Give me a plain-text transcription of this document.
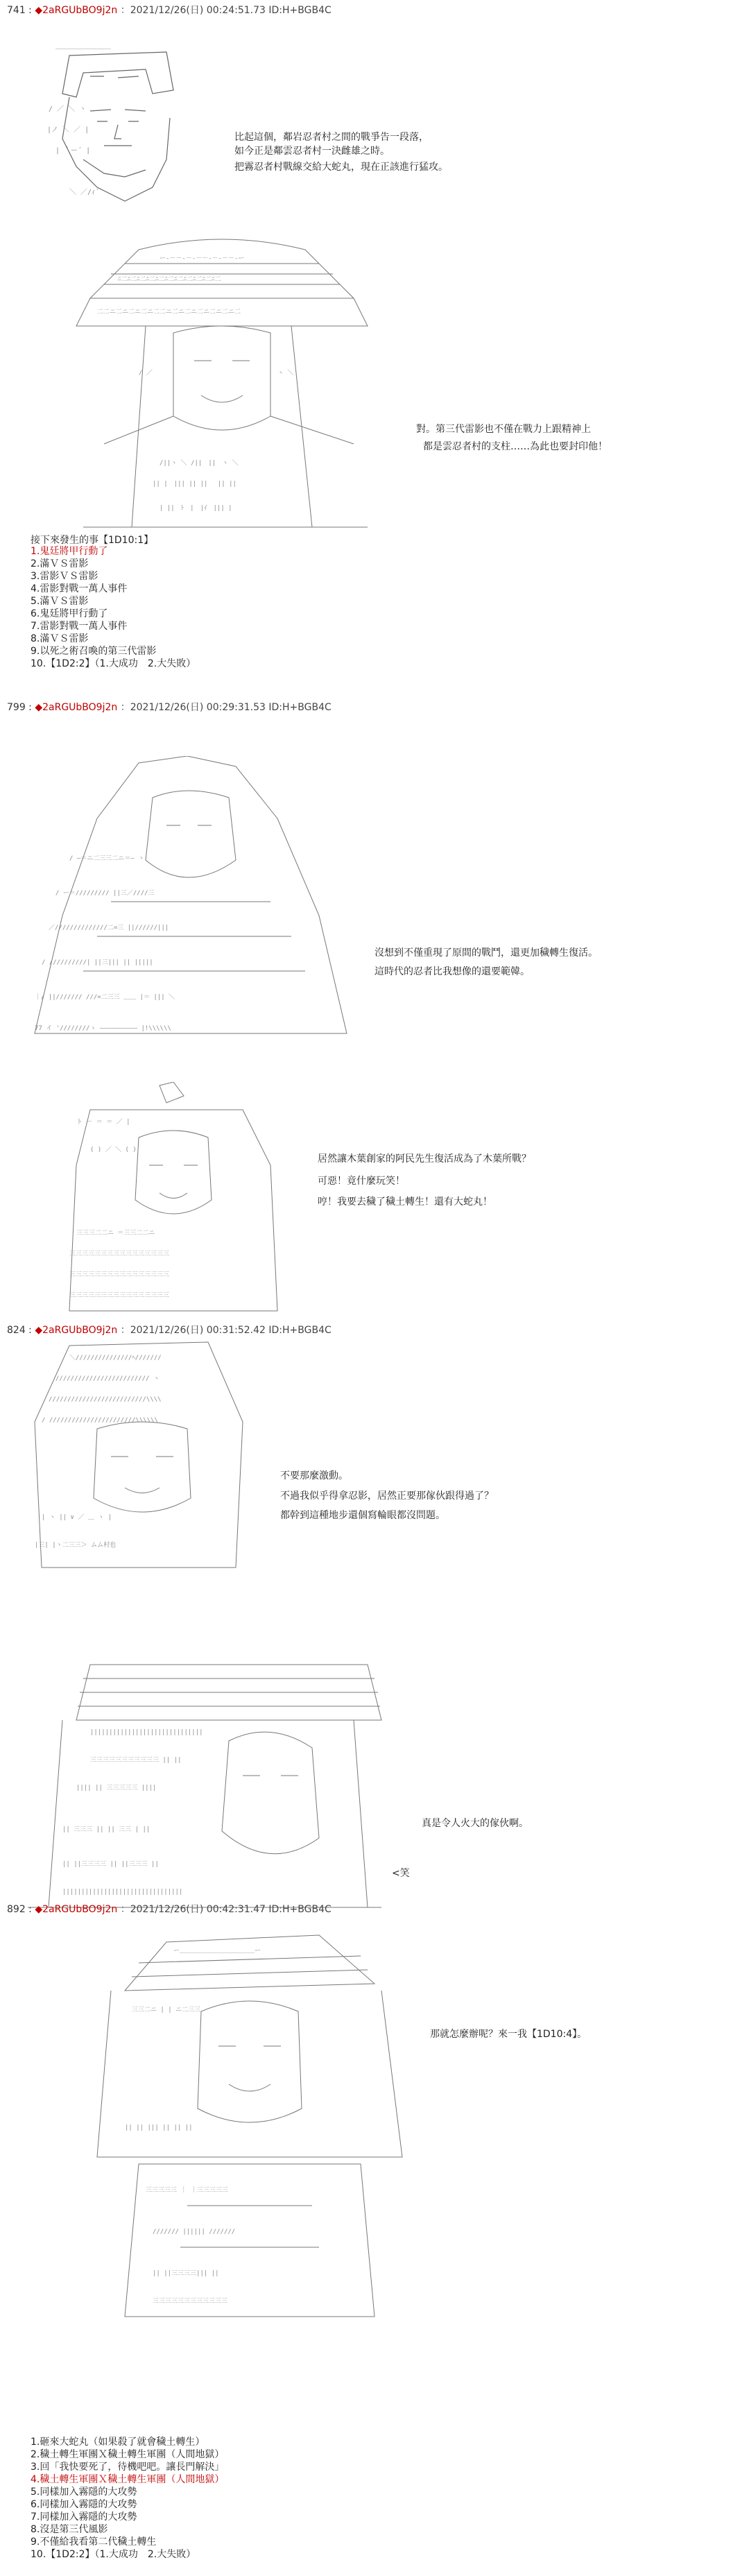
741 : ◆2aRGUbBO9j2n ：2021/12/26(日) 00:24:51.73 ID:H+BGB4C
＿＿＿＿＿＿＿＿
/ ／ ＼ ヽ
|ノ ＼ ／ |
| ｀ー´ |
＼ ／/ｨ´
比起這個，鄰岩忍者村之間的戰爭告一段落，
如今正是鄰雲忍者村一決雌雄之時。
把霧忍者村戰線交給大蛇丸，現在正該進行猛攻。
ー‐－－‐－‐－－‐－‐－－‐ー
ﾆ二ﾆ二ﾆ二ﾆ二ﾆ二ﾆ二ﾆ二ﾆ二ﾆ二ﾆ二ﾆ二
二二ニ二ニ二ニ二ニ二二ニ二ニ二ニ二ニ二ニ二ニ二
/ ／	ヽ ＼
/||ヽ ＼ /||　||　ヽ ＼
|| |　||| || ||　 || ||
| ||　ﾄ　|　|ｲ　||| |
對。第三代雷影也不僅在戰力上跟精神上
都是雲忍者村的支柱……為此也要封印他！
接下來發生的事【1D10:1】
1.鬼廷將甲行動了
2.滿ＶＳ雷影
3.雷影ＶＳ雷影
4.雷影對戰一萬人事件
5.滿ＶＳ雷影
6.鬼廷將甲行動了
7.雷影對戰一萬人事件
8.滿ＶＳ雷影
9.以死之術召喚的第三代雷影
10.【1D2:2】（1.大成功　2.大失敗）
799 : ◆2aRGUbBO9j2n ：2021/12/26(日) 00:29:31.53 ID:H+BGB4C
/ ―＝ニ二三三二ニ＝― ヽ
/ ー＝///////// ||三／////三
／//////////////二=三 ||//////|||
/ //////////| ||三||| || |||||
｜/ ||/////// ///=二三三 ＿＿ |＝ ||| ＼
77 イ '////////ゝ ―――――――――― |!\\\\\\
沒想到不僅重現了原間的戰鬥，還更加穢轉生復活。
這時代的忍者比我想像的還要範韓。
ト － ＝ ＝ ／ |
( ) ／ ＼ ( )
三三三二二ニ ＝三三二二ニ
三三三三三三三三三三三三三三三三
三三三三三三三三三三三三三三三三
三三三三三三三三三三三三三三三三
居然讓木葉創家的阿民先生復活成為了木葉所戰？
可惡！竟什麼玩笑！
哼！我要去穢了穢土轉生！還有大蛇丸！
824 : ◆2aRGUbBO9j2n ：2021/12/26(日) 00:31:52.42 ID:H+BGB4C
＼///////////////ﾍ///////
///////////////////////// ヽ
//////////////////////////\\\\
/ ///////////////////////\\\\\\
| ヽ || ∨ ／ ＿ ヽ |
|三| |ヽ二三三＞ ムム村也
不要那麼激動。
不過我似乎得拿忍影，居然正要那傢伙跟得過了？
都幹到這種地步還個寫輪眼都沒問題。
||||||||||||||||||||||||||||||
三三三三三三三三三三三 || ||
|||| || 三三三三三 ||||
|| 三三三 || || 三三 | ||
|| ||三三三三 || ||三三三 ||
||||||||||||||||||||||||||||||||
真是令人火大的傢伙啊。
<笑
892 : ◆2aRGUbBO9j2n ：2021/12/26(日) 00:42:31.47 ID:H+BGB4C
ー＿＿＿＿＿＿＿＿＿＿＿＿ー
三三二ニ | | ニ二三三
|| || ||| || || ||
三三三三三 ｜ ｜三三三三三
/////// |||||| ///////
|| ||三三三三||| ||
三三三三三三三三三三三三
那就怎麼辦呢？來一我【1D10:4】。
1.砸來大蛇丸（如果殺了就會穢土轉生）
2.穢土轉生軍團Ｘ穢土轉生軍團（人間地獄）
3.回「我快要死了，待機吧吧。讓長門解決」
4.穢土轉生軍團Ｘ穢土轉生軍團（人間地獄）
5.同樣加入霧隱的大攻勢
6.同樣加入霧隱的大攻勢
7.同樣加入霧隱的大攻勢
8.沒是第三代風影
9.不僅給我看第二代穢土轉生
10.【1D2:2】（1.大成功　2.大失敗）
